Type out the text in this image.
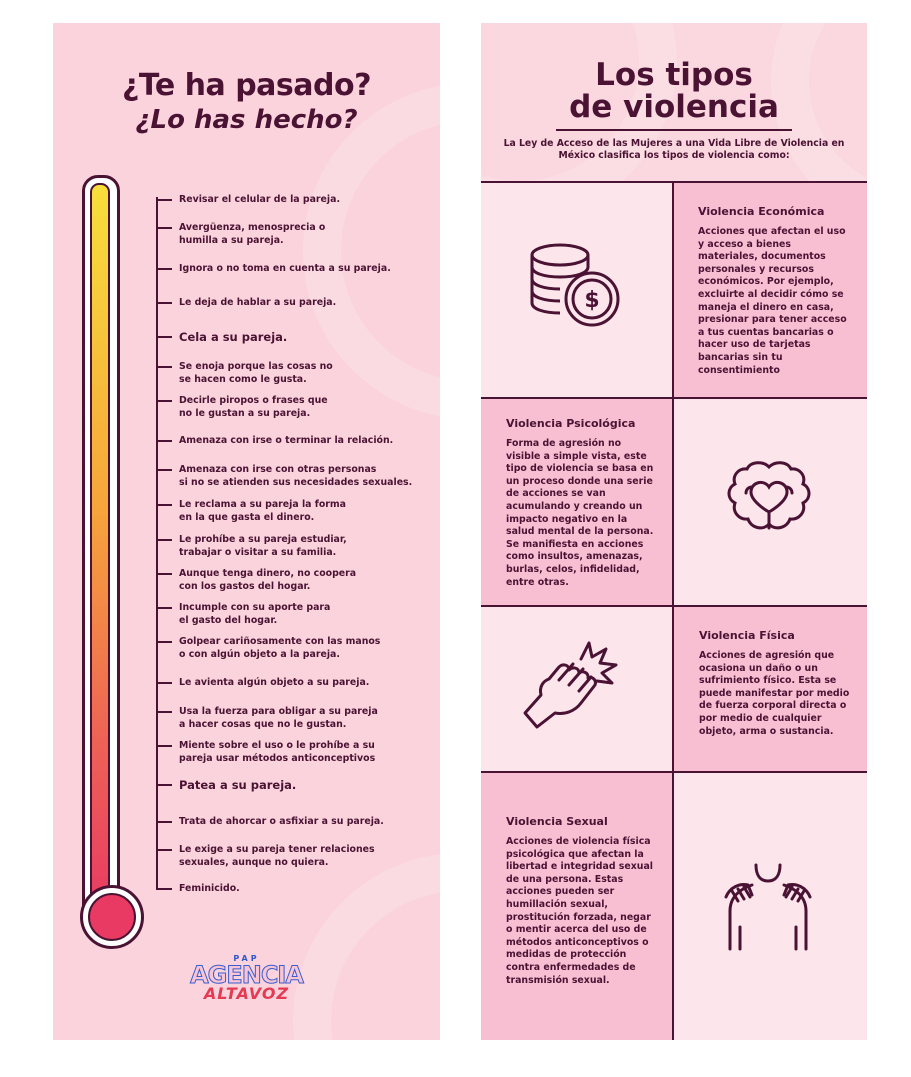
¿Te ha pasado?
¿Lo has hecho?
Revisar el celular de la pareja.
Avergüenza, menosprecia o
humilla a su pareja.
Ignora o no toma en cuenta a su pareja.
Le deja de hablar a su pareja.
Cela a su pareja.
Se enoja porque las cosas no
se hacen como le gusta.
Decirle piropos o frases que
no le gustan a su pareja.
Amenaza con irse o terminar la relación.
Amenaza con irse con otras personas
si no se atienden sus necesidades sexuales.
Le reclama a su pareja la forma
en la que gasta el dinero.
Le prohíbe a su pareja estudiar,
trabajar o visitar a su familia.
Aunque tenga dinero, no coopera
con los gastos del hogar.
Incumple con su aporte para
el gasto del hogar.
Golpear cariñosamente con las manos
o con algún objeto a la pareja.
Le avienta algún objeto a su pareja.
Usa la fuerza para obligar a su pareja
a hacer cosas que no le gustan.
Miente sobre el uso o le prohíbe a su
pareja usar métodos anticonceptivos
Patea a su pareja.
Trata de ahorcar o asfixiar a su pareja.
Le exige a su pareja tener relaciones
sexuales, aunque no quiera.
Feminicido.
PAP
AGENCIA
ALTAVOZ
Los tipos
de violencia
La Ley de Acceso de las Mujeres a una Vida Libre de Violencia en México clasifica los tipos de violencia como:
$
Violencia Económica

Acciones que afectan el uso y acceso a bienes materiales, documentos personales y recursos económicos. Por ejemplo, excluirte al decidir cómo se maneja el dinero en casa, presionar para tener acceso a tus cuentas bancarias o hacer uso de tarjetas bancarias sin tu consentimiento

Violencia Psicológica

Forma de agresión no visible a simple vista, este tipo de violencia se basa en un proceso donde una serie de acciones se van acumulando y creando un impacto negativo en la salud mental de la persona. Se manifiesta en acciones como insultos, amenazas, burlas, celos, infidelidad, entre otras.

Violencia Física

Acciones de agresión que ocasiona un daño o un sufrimiento físico. Esta se puede manifestar por medio de fuerza corporal directa o por medio de cualquier objeto, arma o sustancia.

Violencia Sexual

Acciones de violencia física psicológica que afectan la libertad e integridad sexual de una persona. Estas acciones pueden ser humillación sexual, prostitución forzada, negar o mentir acerca del uso de métodos anticonceptivos o medidas de protección contra enfermedades de transmisión sexual.
